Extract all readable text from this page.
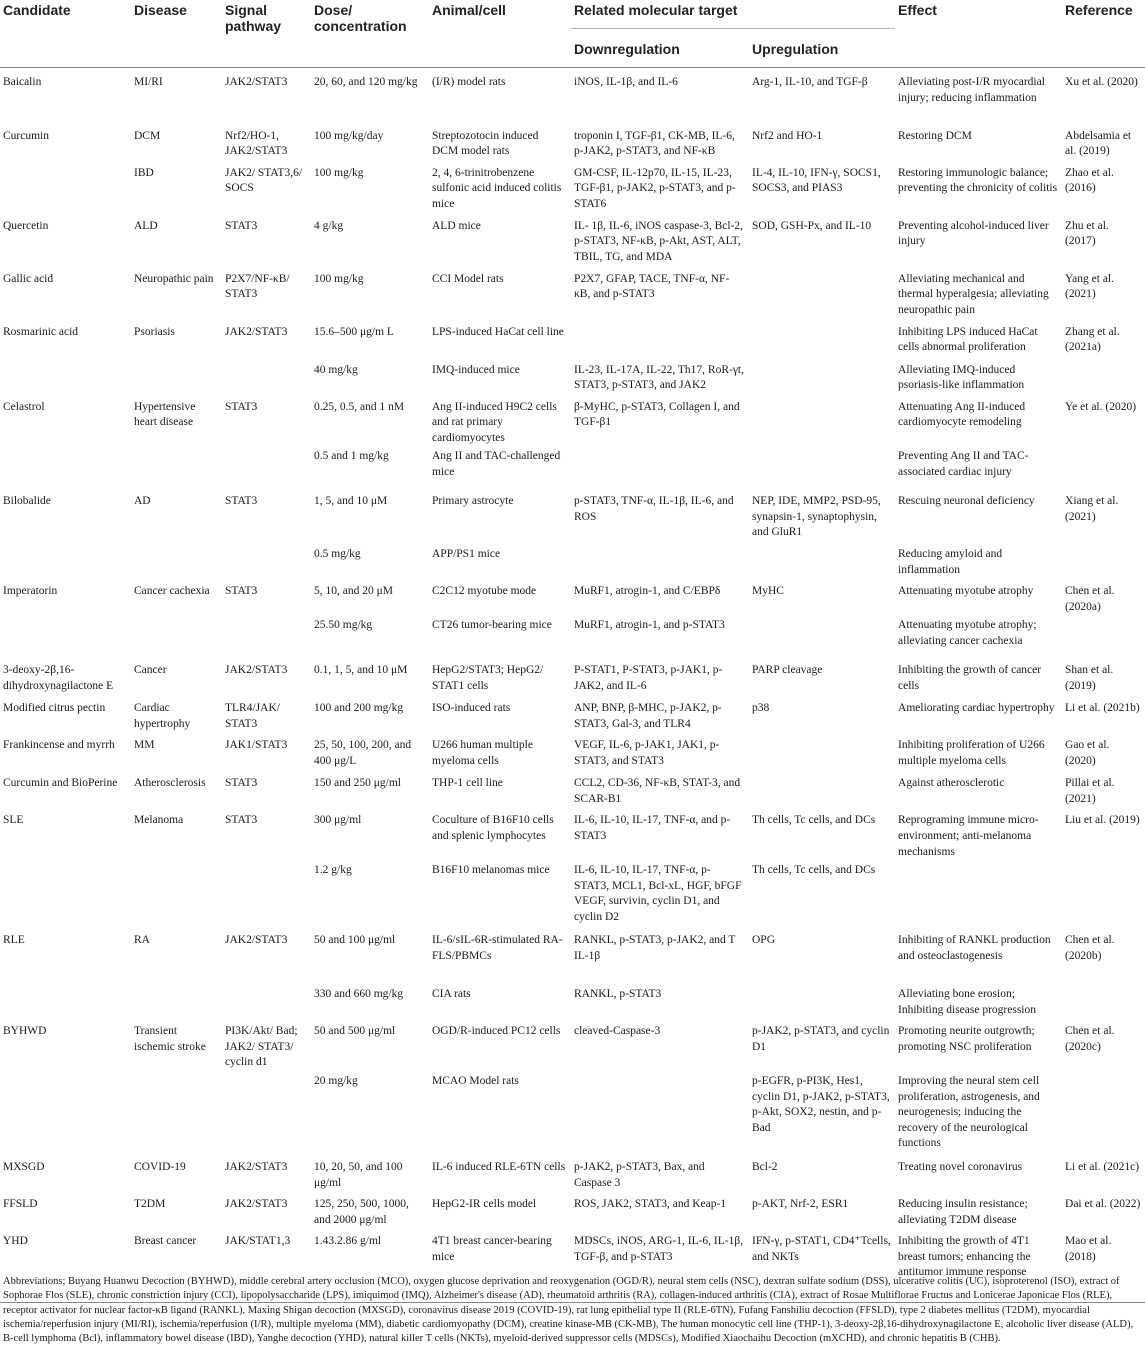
Candidate	Disease	Signal pathway	Dose/ concentration	Animal/cell	Related molecular target		Effect	Reference
					Downregulation	Upregulation		
Baicalin	MI/RI	JAK2/STAT3	20, 60, and 120 mg/kg	(I/R) model rats	iNOS, IL-1β, and IL-6	Arg-1, IL-10, and TGF-β	Alleviating post-I/R myocardial injury; reducing inflammation	Xu et al. (2020)
Curcumin	DCM	Nrf2/HO-1, JAK2/STAT3	100 mg/kg/day	Streptozotocin induced DCM model rats	troponin I, TGF-β1, CK-MB, IL-6, p-JAK2, p-STAT3, and NF-κB	Nrf2 and HO-1	Restoring DCM	Abdelsamia et al. (2019)
	IBD	JAK2/ STAT3,6/ SOCS	100 mg/kg	2, 4, 6-trinitrobenzene sulfonic acid induced colitis mice	GM-CSF, IL-12p70, IL-15, IL-23, TGF-β1, p-JAK2, p-STAT3, and p-STAT6	IL-4, IL-10, IFN-γ, SOCS1, SOCS3, and PIAS3	Restoring immunologic balance; preventing the chronicity of colitis	Zhao et al. (2016)
Quercetin	ALD	STAT3	4 g/kg	ALD mice	IL- 1β, IL-6, iNOS caspase-3, Bcl-2, p-STAT3, NF-κB, p-Akt, AST, ALT, TBIL, TG, and MDA	SOD, GSH-Px, and IL-10	Preventing alcohol-induced liver injury	Zhu et al. (2017)
Gallic acid	Neuropathic pain	P2X7/NF-κB/ STAT3	100 mg/kg	CCI Model rats	P2X7, GFAP, TACE, TNF-α, NF-κB, and p-STAT3		Alleviating mechanical and thermal hyperalgesia; alleviating neuropathic pain	Yang et al. (2021)
Rosmarinic acid	Psoriasis	JAK2/STAT3	15.6–500 μg/m L	LPS-induced HaCat cell line			Inhibiting LPS induced HaCat cells abnormal proliferation	Zhang et al. (2021a)
			40 mg/kg	IMQ-induced mice	IL-23, IL-17A, IL-22, Th17, RoR-γt, STAT3, p-STAT3, and JAK2		Alleviating IMQ-induced psoriasis-like inflammation	
Celastrol	Hypertensive heart disease	STAT3	0.25, 0.5, and 1 nM	Ang II-induced H9C2 cells and rat primary cardiomyocytes	β-MyHC, p-STAT3, Collagen I, and TGF-β1		Attenuating Ang II-induced cardiomyocyte remodeling	Ye et al. (2020)
			0.5 and 1 mg/kg	Ang II and TAC-challenged mice			Preventing Ang II and TAC-associated cardiac injury	
Bilobalide	AD	STAT3	1, 5, and 10 μM	Primary astrocyte	p-STAT3, TNF-α, IL-1β, IL-6, and ROS	NEP, IDE, MMP2, PSD-95, synapsin-1, synaptophysin, and GluR1	Rescuing neuronal deficiency	Xiang et al. (2021)
			0.5 mg/kg	APP/PS1 mice			Reducing amyloid and inflammation	
Imperatorin	Cancer cachexia	STAT3	5, 10, and 20 μM	C2C12 myotube mode	MuRF1, atrogin-1, and C/EBPδ	MyHC	Attenuating myotube atrophy	Chen et al. (2020a)
			25.50 mg/kg	CT26 tumor-bearing mice	MuRF1, atrogin-1, and p-STAT3		Attenuating myotube atrophy; alleviating cancer cachexia	
3-deoxy-2β,16-dihydroxynagilactone E	Cancer	JAK2/STAT3	0.1, 1, 5, and 10 μM	HepG2/STAT3; HepG2/ STAT1 cells	P-STAT1, P-STAT3, p-JAK1, p-JAK2, and IL-6	PARP cleavage	Inhibiting the growth of cancer cells	Shan et al. (2019)
Modified citrus pectin	Cardiac hypertrophy	TLR4/JAK/ STAT3	100 and 200 mg/kg	ISO-induced rats	ANP, BNP, β-MHC, p-JAK2, p-STAT3, Gal-3, and TLR4	p38	Ameliorating cardiac hypertrophy	Li et al. (2021b)
Frankincense and myrrh	MM	JAK1/STAT3	25, 50, 100, 200, and 400 μg/L	U266 human multiple myeloma cells	VEGF, IL-6, p-JAK1, JAK1, p-STAT3, and STAT3		Inhibiting proliferation of U266 multiple myeloma cells	Gao et al. (2020)
Curcumin and BioPerine	Atherosclerosis	STAT3	150 and 250 μg/ml	THP-1 cell line	CCL2, CD-36, NF-κB, STAT-3, and SCAR-B1		Against atherosclerotic	Pillai et al. (2021)
SLE	Melanoma	STAT3	300 μg/ml	Coculture of B16F10 cells and splenic lymphocytes	IL-6, IL-10, IL-17, TNF-α, and p-STAT3	Th cells, Tc cells, and DCs	Reprograming immune micro-environment; anti-melanoma mechanisms	Liu et al. (2019)
			1.2 g/kg	B16F10 melanomas mice	IL-6, IL-10, IL-17, TNF-α, p-STAT3, MCL1, Bcl-xL, HGF, bFGF VEGF, survivin, cyclin D1, and cyclin D2	Th cells, Tc cells, and DCs		
RLE	RA	JAK2/STAT3	50 and 100 μg/ml	IL-6/sIL-6R-stimulated RA-FLS/PBMCs	RANKL, p-STAT3, p-JAK2, and T IL-1β	OPG	Inhibiting of RANKL production and osteoclastogenesis	Chen et al. (2020b)
			330 and 660 mg/kg	CIA rats	RANKL, p-STAT3		Alleviating bone erosion; Inhibiting disease progression	
BYHWD	Transient ischemic stroke	PI3K/Akt/ Bad; JAK2/ STAT3/ cyclin d1	50 and 500 μg/ml	OGD/R-induced PC12 cells	cleaved-Caspase-3	p-JAK2, p-STAT3, and cyclin D1	Promoting neurite outgrowth; promoting NSC proliferation	Chen et al. (2020c)
			20 mg/kg	MCAO Model rats		p-EGFR, p-PI3K, Hes1, cyclin D1, p-JAK2, p-STAT3, p-Akt, SOX2, nestin, and p-Bad	Improving the neural stem cell proliferation, astrogenesis, and neurogenesis; inducing the recovery of the neurological functions	
MXSGD	COVID-19	JAK2/STAT3	10, 20, 50, and 100 μg/ml	IL-6 induced RLE-6TN cells	p-JAK2, p-STAT3, Bax, and Caspase 3	Bcl-2	Treating novel coronavirus	Li et al. (2021c)
FFSLD	T2DM	JAK2/STAT3	125, 250, 500, 1000, and 2000 μg/ml	HepG2-IR cells model	ROS, JAK2, STAT3, and Keap-1	p-AKT, Nrf-2, ESR1	Reducing insulin resistance; alleviating T2DM disease	Dai et al. (2022)
YHD	Breast cancer	JAK/STAT1,3	1.43.2.86 g/ml	4T1 breast cancer-bearing mice	MDSCs, iNOS, ARG-1, IL-6, IL-1β, TGF-β, and p-STAT3	IFN-γ, p-STAT1, CD4⁺Tcells, and NKTs	Inhibiting the growth of 4T1 breast tumors; enhancing the antitumor immune response	Mao et al. (2018)

Abbreviations; Buyang Huanwu Decoction (BYHWD), middle cerebral artery occlusion (MCO), oxygen glucose deprivation and reoxygenation (OGD/R), neural stem cells (NSC), dextran sulfate sodium (DSS), ulcerative colitis (UC), isoproterenol (ISO), extract of Sophorae Flos (SLE), chronic constriction injury (CCI), lipopolysaccharide (LPS), imiquimod (IMQ), Alzheimer's disease (AD), rheumatoid arthritis (RA), collagen-induced arthritis (CIA), extract of Rosae Multiflorae Fructus and Lonicerae Japonicae Flos (RLE), receptor activator for nuclear factor-κB ligand (RANKL), Maxing Shigan decoction (MXSGD), coronavirus disease 2019 (COVID-19), rat lung epithelial type II (RLE-6TN), Fufang Fanshiliu decoction (FFSLD), type 2 diabetes mellitus (T2DM), myocardial ischemia/reperfusion injury (MI/RI), ischemia/reperfusion (I/R), multiple myeloma (MM), diabetic cardiomyopathy (DCM), creatine kinase-MB (CK-MB), The human monocytic cell line (THP-1), 3-deoxy-2β,16-dihydroxynagilactone E, alcoholic liver disease (ALD), B-cell lymphoma (Bcl), inflammatory bowel disease (IBD), Yanghe decoction (YHD), natural killer T cells (NKTs), myeloid-derived suppressor cells (MDSCs), Modified Xiaochaihu Decoction (mXCHD), and chronic hepatitis B (CHB).
